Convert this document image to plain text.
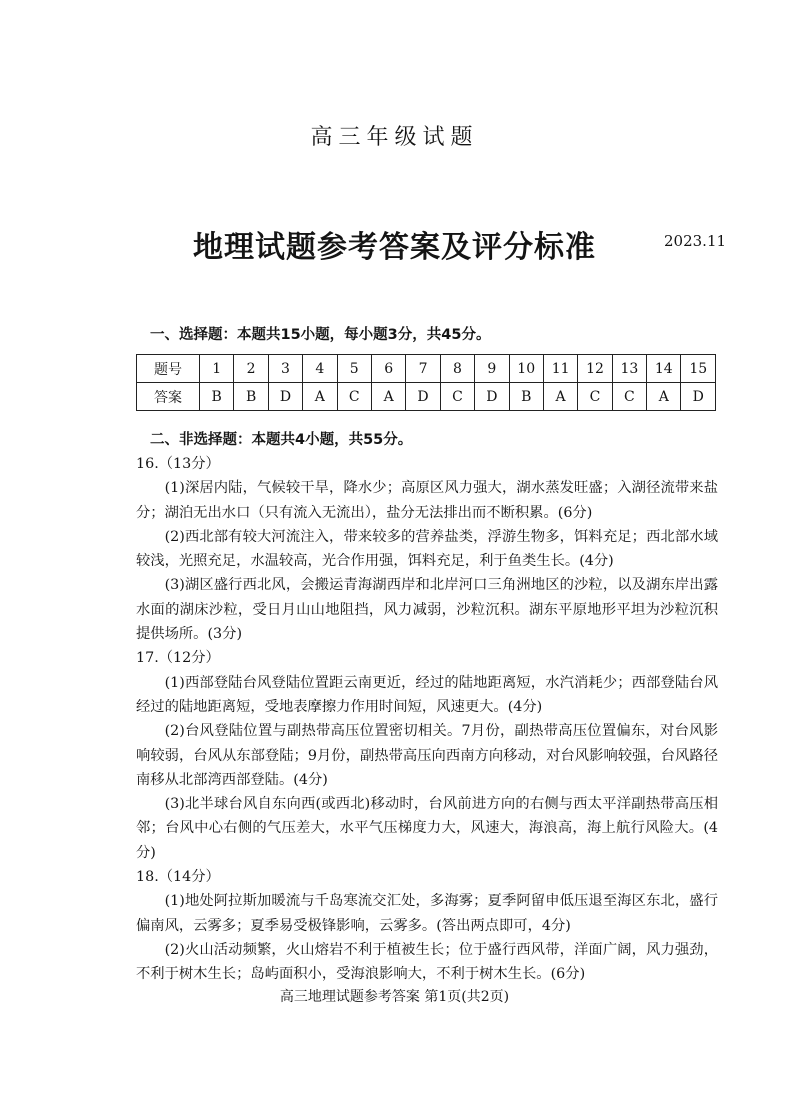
高三年级试题
地理试题参考答案及评分标准	2023.11
一、选择题：本题共15小题，每小题3分，共45分。
题号	1	2	3	4	5	6	7	8	9	10	11	12	13	14	15
答案	B	B	D	A	C	A	D	C	D	B	A	C	C	A	D
二、非选择题：本题共4小题，共55分。

16.（13分）

(1)深居内陆，气候较干旱，降水少；高原区风力强大，湖水蒸发旺盛；入湖径流带来盐分；湖泊无出水口（只有流入无流出），盐分无法排出而不断积累。(6分)

(2)西北部有较大河流注入，带来较多的营养盐类，浮游生物多，饵料充足；西北部水域较浅，光照充足，水温较高，光合作用强，饵料充足，利于鱼类生长。(4分)

(3)湖区盛行西北风，会搬运青海湖西岸和北岸河口三角洲地区的沙粒，以及湖东岸出露水面的湖床沙粒，受日月山山地阻挡，风力减弱，沙粒沉积。湖东平原地形平坦为沙粒沉积提供场所。(3分)

17.（12分）

(1)西部登陆台风登陆位置距云南更近，经过的陆地距离短，水汽消耗少；西部登陆台风经过的陆地距离短，受地表摩擦力作用时间短，风速更大。(4分)

(2)台风登陆位置与副热带高压位置密切相关。7月份，副热带高压位置偏东，对台风影响较弱，台风从东部登陆；9月份，副热带高压向西南方向移动，对台风影响较强，台风路径南移从北部湾西部登陆。(4分)

(3)北半球台风自东向西(或西北)移动时，台风前进方向的右侧与西太平洋副热带高压相邻；台风中心右侧的气压差大，水平气压梯度力大，风速大，海浪高，海上航行风险大。(4分)

18.（14分）

(1)地处阿拉斯加暖流与千岛寒流交汇处，多海雾；夏季阿留申低压退至海区东北，盛行偏南风，云雾多；夏季易受极锋影响，云雾多。(答出两点即可，4分)

(2)火山活动频繁，火山熔岩不利于植被生长；位于盛行西风带，洋面广阔，风力强劲，不利于树木生长；岛屿面积小，受海浪影响大，不利于树木生长。(6分)

高三地理试题参考答案 第1页(共2页)
